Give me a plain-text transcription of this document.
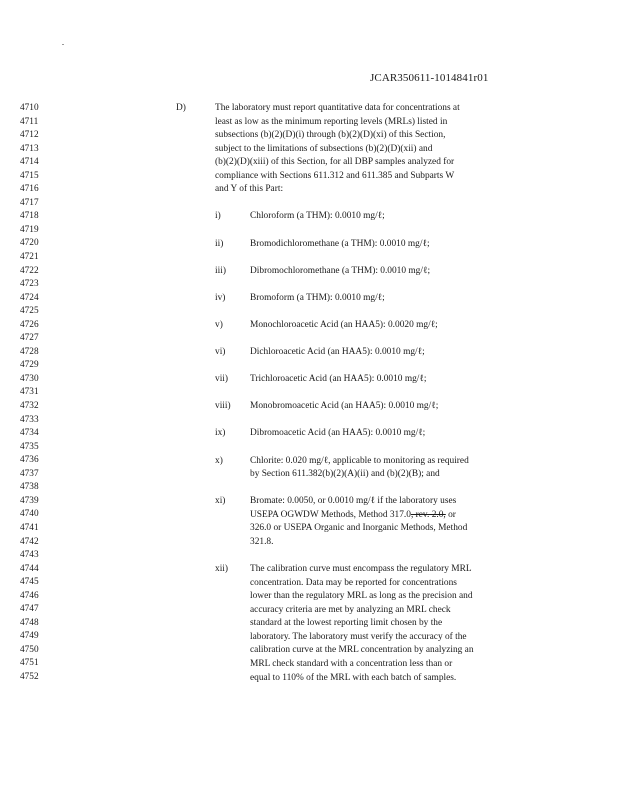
JCAR350611-1014841r01
4710
4711
4712
4713
4714
4715
4716
4717
4718
4719
4720
4721
4722
4723
4724
4725
4726
4727
4728
4729
4730
4731
4732
4733
4734
4735
4736
4737
4738
4739
4740
4741
4742
4743
4744
4745
4746
4747
4748
4749
4750
4751
4752
D)	The laboratory must report quantitative data for concentrations at
least as low as the minimum reporting levels (MRLs) listed in
subsections (b)(2)(D)(i) through (b)(2)(D)(xi) of this Section,
subject to the limitations of subsections (b)(2)(D)(xii) and
(b)(2)(D)(xiii) of this Section, for all DBP samples analyzed for
compliance with Sections 611.312 and 611.385 and Subparts W
and Y of this Part:
i)	Chloroform (a THM): 0.0010 mg/ℓ;
ii)	Bromodichloromethane (a THM): 0.0010 mg/ℓ;
iii)	Dibromochloromethane (a THM): 0.0010 mg/ℓ;
iv)	Bromoform (a THM): 0.0010 mg/ℓ;
v)	Monochloroacetic Acid (an HAA5): 0.0020 mg/ℓ;
vi)	Dichloroacetic Acid (an HAA5): 0.0010 mg/ℓ;
vii) Trichloroacetic Acid (an HAA5): 0.0010 mg/ℓ;
viii) Monobromoacetic Acid (an HAA5): 0.0010 mg/ℓ;
ix)	Dibromoacetic Acid (an HAA5): 0.0010 mg/ℓ;
x)	Chlorite: 0.020 mg/ℓ, applicable to monitoring as required
by Section 611.382(b)(2)(A)(ii) and (b)(2)(B); and
xi)	Bromate: 0.0050, or 0.0010 mg/ℓ if the laboratory uses
USEPA OGWDW Methods, Method 317.0, rev. 2.0, or
326.0 or USEPA Organic and Inorganic Methods, Method
321.8.
xii) The calibration curve must encompass the regulatory MRL
concentration. Data may be reported for concentrations
lower than the regulatory MRL as long as the precision and
accuracy criteria are met by analyzing an MRL check
standard at the lowest reporting limit chosen by the
laboratory. The laboratory must verify the accuracy of the
calibration curve at the MRL concentration by analyzing an
MRL check standard with a concentration less than or
equal to 110% of the MRL with each batch of samples.
